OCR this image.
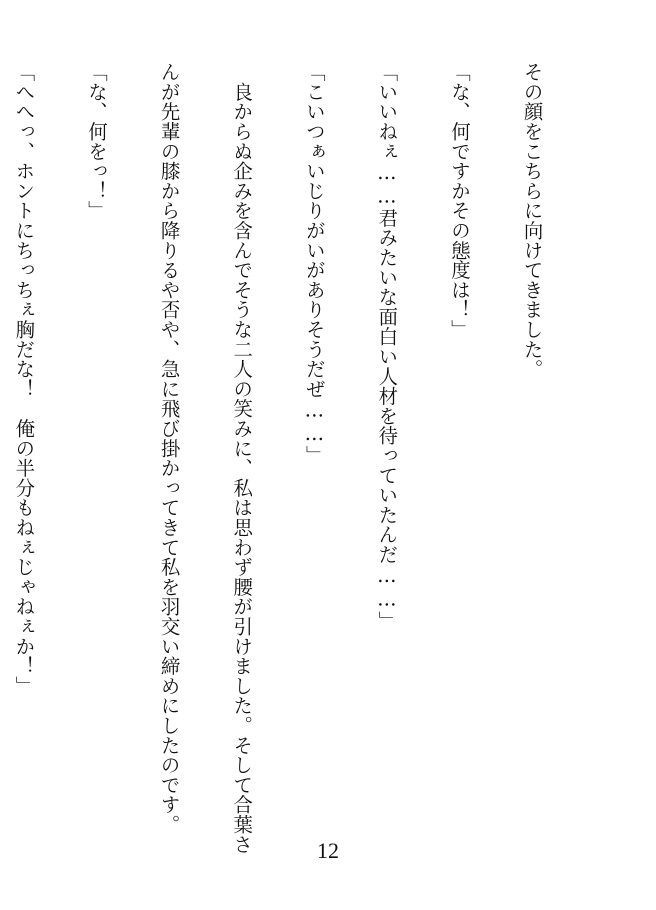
その顔をこちらに向けてきました。

「な、何ですかその態度は！」

「いいねぇ……君みたいな面白い人材を待っていたんだ……」

「こいつぁいじりがいがありそうだぜ……」

　良からぬ企みを含んでそうな二人の笑みに、私は思わず腰が引けました。そして合葉さ

んが先輩の膝から降りるや否や、急に飛び掛かってきて私を羽交い締めにしたのです。

「な、何をっ！」

「へへっ、ホントにちっちぇ胸だな！　俺の半分もねぇじゃねぇか！」

12
